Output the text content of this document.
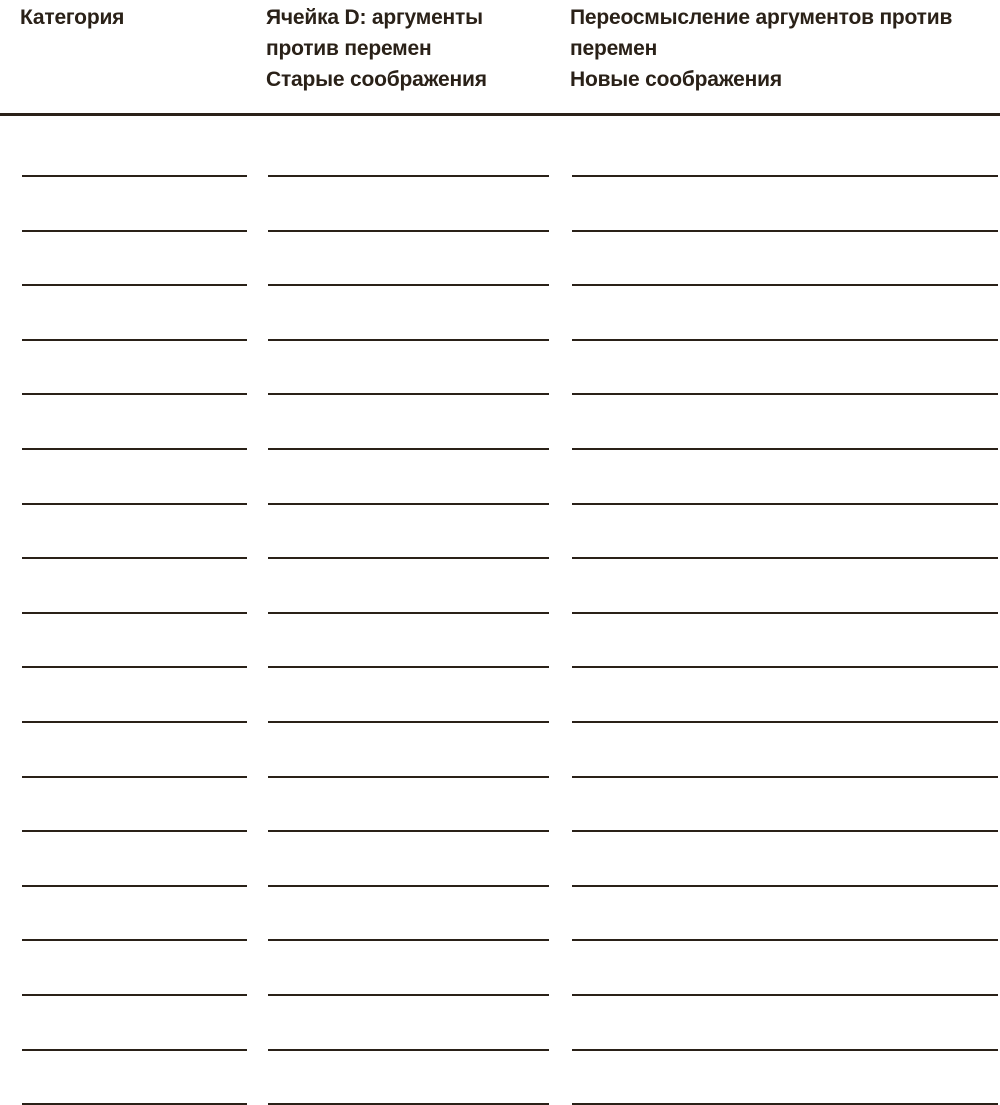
Категория	Ячейка D: аргументы
против перемен
Старые соображения
Переосмысление аргументов против
перемен
Новые соображения
